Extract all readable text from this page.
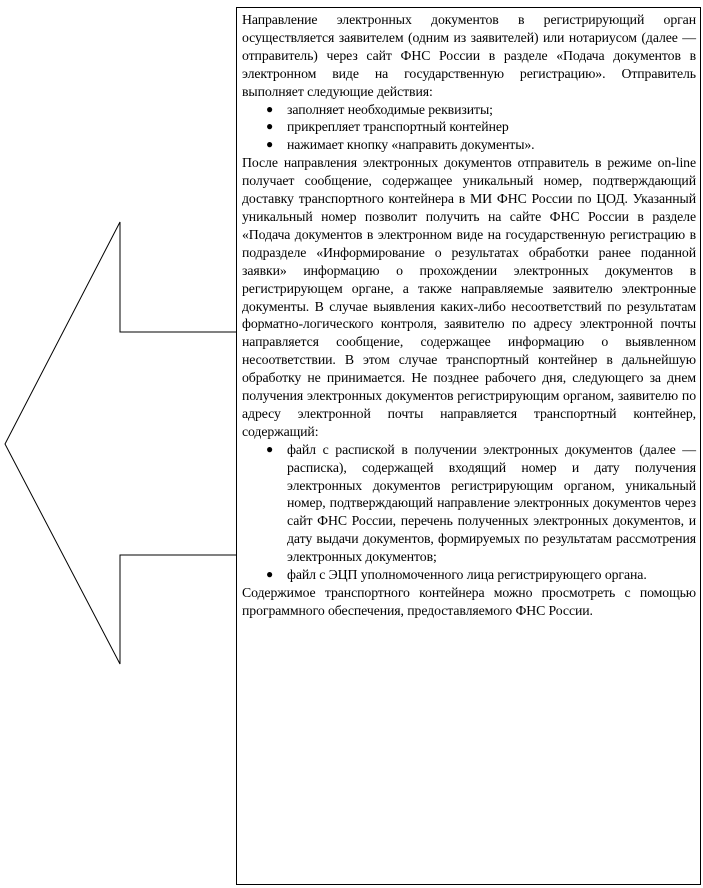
Направление электронных документов в регистрирующий орган осуществляется заявителем (одним из заявителей) или нотариусом (далее — отправитель) через сайт ФНС России в разделе «Подача документов в электронном виде на государственную регистрацию». Отправитель выполняет следующие действия:

● заполняет необходимые реквизиты;
● прикрепляет транспортный контейнер
● нажимает кнопку «направить документы».

После направления электронных документов отправитель в режиме on-line получает сообщение, содержащее уникальный номер, подтверждающий доставку транспортного контейнера в МИ ФНС России по ЦОД. Указанный уникальный номер позволит получить на сайте ФНС России в разделе «Подача документов в электронном виде на государственную регистрацию в подразделе «Информирование о результатах обработки ранее поданной заявки» информацию о прохождении электронных документов в регистрирующем органе, а также направляемые заявителю электронные документы. В случае выявления каких-либо несоответствий по результатам форматно-логического контроля, заявителю по адресу электронной почты направляется сообщение, содержащее информацию о выявленном несоответствии. В этом случае транспортный контейнер в дальнейшую обработку не принимается. Не позднее рабочего дня, следующего за днем получения электронных документов регистрирующим органом, заявителю по адресу электронной почты направляется транспортный контейнер, содержащий:

● файл с распиской в получении электронных документов (далее — расписка), содержащей входящий номер и дату получения электронных документов регистрирующим органом, уникальный номер, подтверждающий направление электронных документов через сайт ФНС России, перечень полученных электронных документов, и дату выдачи документов, формируемых по результатам рассмотрения электронных документов;
● файл с ЭЦП уполномоченного лица регистрирующего органа.

Содержимое транспортного контейнера можно просмотреть с помощью программного обеспечения, предоставляемого ФНС России.
